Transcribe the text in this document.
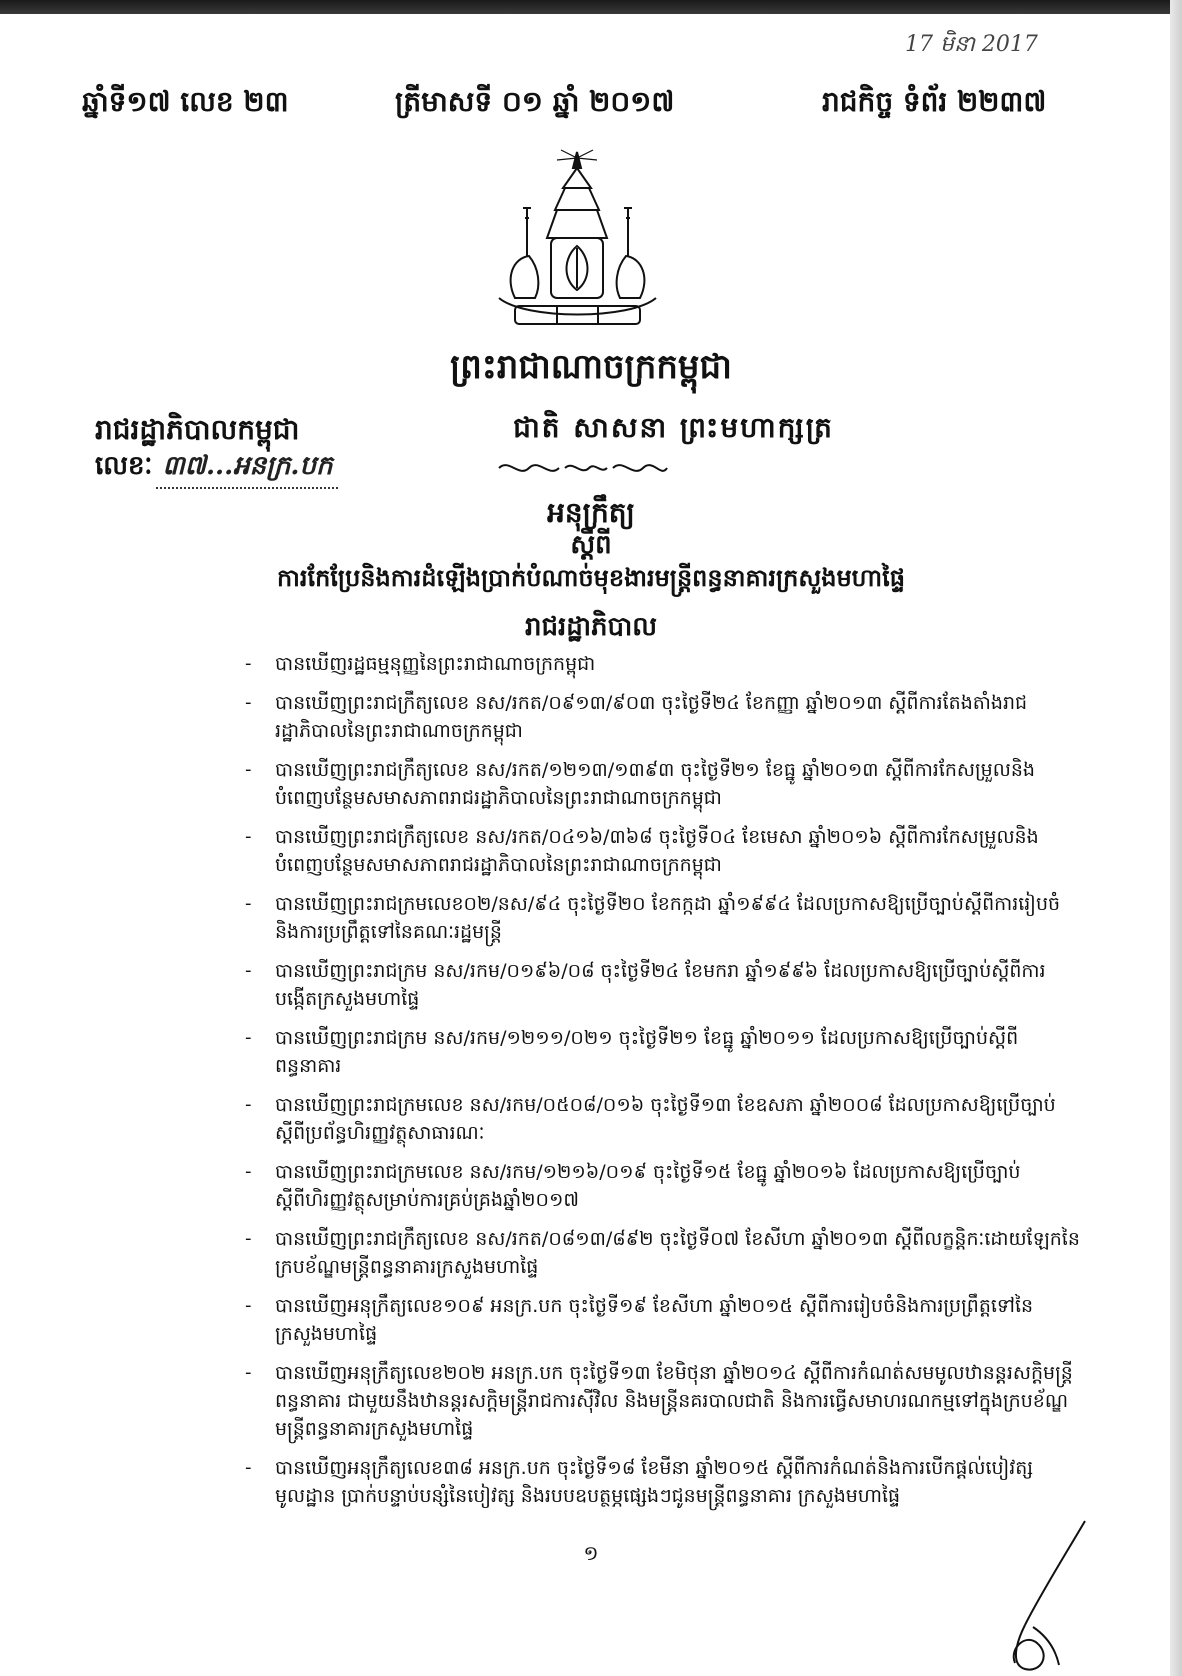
17 មិនា 2017
ឆ្នាំទី១៧ លេខ ២៣	ត្រីមាសទី ០១ ឆ្នាំ ២០១៧	រាជកិច្ច ទំព័រ ២២៣៧
ព្រះរាជាណាចក្រកម្ពុជា
រាជរដ្ឋាភិបាលកម្ពុជា	ជាតិ សាសនា ព្រះមហាក្សត្រ
លេខៈ ៣៧...អនក្រ.បក
អនុក្រឹត្យ
ស្ដីពី
ការកែប្រែនិងការដំឡើងប្រាក់បំណាច់មុខងារមន្ត្រីពន្ធនាគារក្រសួងមហាផ្ទៃ
រាជរដ្ឋាភិបាល
-	បានឃើញរដ្ឋធម្មនុញ្ញនៃព្រះរាជាណាចក្រកម្ពុជា
-	បានឃើញព្រះរាជក្រឹត្យលេខ នស/រកត/០៩១៣/៩០៣ ចុះថ្ងៃទី២៤ ខែកញ្ញា ឆ្នាំ២០១៣ ស្ដីពីការតែងតាំងរាជរដ្ឋាភិបាលនៃព្រះរាជាណាចក្រកម្ពុជា
-	បានឃើញព្រះរាជក្រឹត្យលេខ នស/រកត/១២១៣/១៣៩៣ ចុះថ្ងៃទី២១ ខែធ្នូ ឆ្នាំ២០១៣ ស្ដីពីការកែសម្រួលនិងបំពេញបន្ថែមសមាសភាពរាជរដ្ឋាភិបាលនៃព្រះរាជាណាចក្រកម្ពុជា
-	បានឃើញព្រះរាជក្រឹត្យលេខ នស/រកត/០៤១៦/៣៦៨ ចុះថ្ងៃទី០៤ ខែមេសា ឆ្នាំ២០១៦ ស្ដីពីការកែសម្រួលនិងបំពេញបន្ថែមសមាសភាពរាជរដ្ឋាភិបាលនៃព្រះរាជាណាចក្រកម្ពុជា
-	បានឃើញព្រះរាជក្រមលេខ០២/នស/៩៤ ចុះថ្ងៃទី២០ ខែកក្កដា ឆ្នាំ១៩៩៤ ដែលប្រកាសឱ្យប្រើច្បាប់ស្ដីពីការរៀបចំនិងការប្រព្រឹត្តទៅនៃគណៈរដ្ឋមន្ត្រី
-	បានឃើញព្រះរាជក្រម នស/រកម/០១៩៦/០៨ ចុះថ្ងៃទី២៤ ខែមករា ឆ្នាំ១៩៩៦ ដែលប្រកាសឱ្យប្រើច្បាប់ស្ដីពីការបង្កើតក្រសួងមហាផ្ទៃ
-	បានឃើញព្រះរាជក្រម នស/រកម/១២១១/០២១ ចុះថ្ងៃទី២១ ខែធ្នូ ឆ្នាំ២០១១ ដែលប្រកាសឱ្យប្រើច្បាប់ស្ដីពីពន្ធនាគារ
-	បានឃើញព្រះរាជក្រមលេខ នស/រកម/០៥០៨/០១៦ ចុះថ្ងៃទី១៣ ខែឧសភា ឆ្នាំ២០០៨ ដែលប្រកាសឱ្យប្រើច្បាប់ស្ដីពីប្រព័ន្ធហិរញ្ញវត្ថុសាធារណៈ
-	បានឃើញព្រះរាជក្រមលេខ នស/រកម/១២១៦/០១៩ ចុះថ្ងៃទី១៥ ខែធ្នូ ឆ្នាំ២០១៦ ដែលប្រកាសឱ្យប្រើច្បាប់ស្ដីពីហិរញ្ញវត្ថុសម្រាប់ការគ្រប់គ្រងឆ្នាំ២០១៧
-	បានឃើញព្រះរាជក្រឹត្យលេខ នស/រកត/០៨១៣/៨៩២ ចុះថ្ងៃទី០៧ ខែសីហា ឆ្នាំ២០១៣ ស្ដីពីលក្ខន្តិកៈដោយឡែកនៃក្របខ័ណ្ឌមន្ត្រីពន្ធនាគារក្រសួងមហាផ្ទៃ
-	បានឃើញអនុក្រឹត្យលេខ១០៩ អនក្រ.បក ចុះថ្ងៃទី១៩ ខែសីហា ឆ្នាំ២០១៥ ស្ដីពីការរៀបចំនិងការប្រព្រឹត្តទៅនៃក្រសួងមហាផ្ទៃ
-	បានឃើញអនុក្រឹត្យលេខ២០២ អនក្រ.បក ចុះថ្ងៃទី១៣ ខែមិថុនា ឆ្នាំ២០១៤ ស្ដីពីការកំណត់សមមូលឋានន្តរសក្ដិមន្ត្រីពន្ធនាគារ ជាមួយនឹងឋានន្តរសក្ដិមន្ត្រីរាជការស៊ីវិល និងមន្ត្រីនគរបាលជាតិ និងការធ្វើសមាហរណកម្មទៅក្នុងក្របខ័ណ្ឌមន្ត្រីពន្ធនាគារក្រសួងមហាផ្ទៃ
-	បានឃើញអនុក្រឹត្យលេខ៣៨ អនក្រ.បក ចុះថ្ងៃទី១៨ ខែមីនា ឆ្នាំ២០១៥ ស្ដីពីការកំណត់និងការបើកផ្ដល់បៀវត្សមូលដ្ឋាន ប្រាក់បន្ទាប់បន្សំនៃបៀវត្ស និងរបបឧបត្ថម្ភផ្សេងៗជូនមន្ត្រីពន្ធនាគារ ក្រសួងមហាផ្ទៃ
១
